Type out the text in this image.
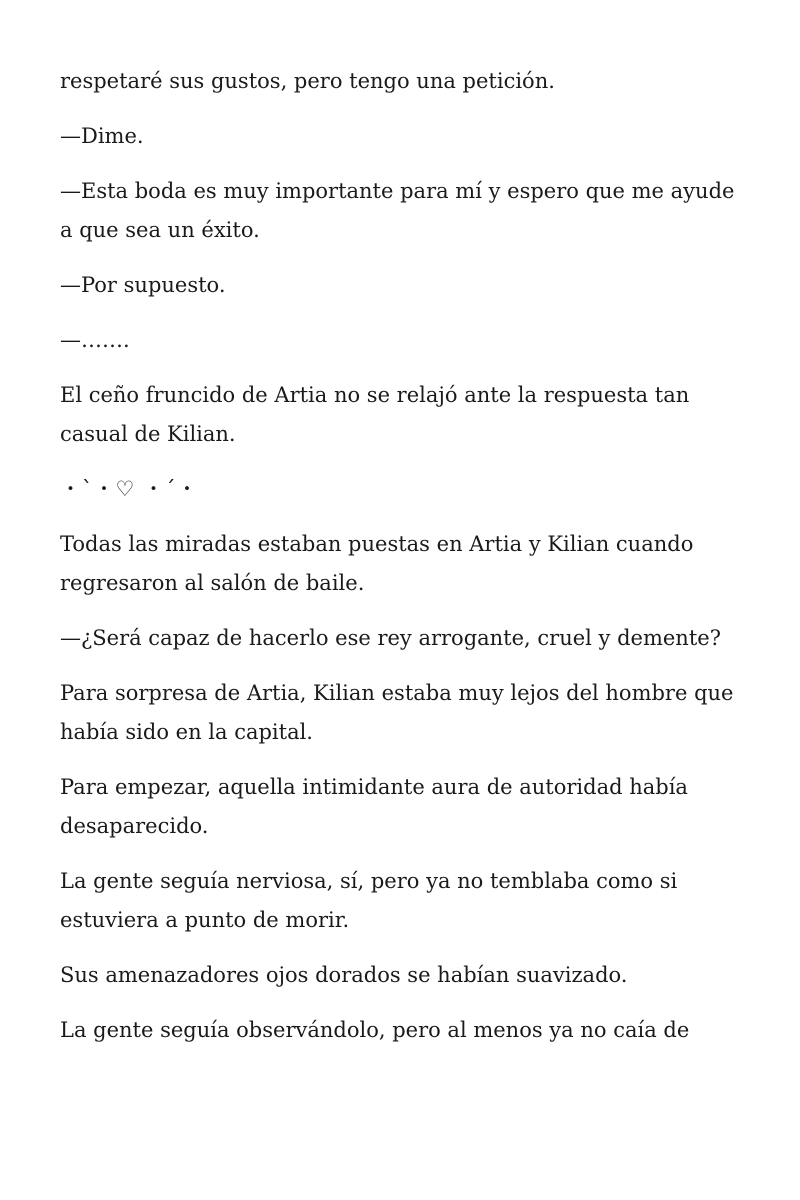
respetaré sus gustos, pero tengo una petición.

—Dime.

—Esta boda es muy importante para mí y espero que me ayude a que sea un éxito.

—Por supuesto.

—…….

El ceño fruncido de Artia no se relajó ante la respuesta tan casual de Kilian.

・`・♡ ・´・

Todas las miradas estaban puestas en Artia y Kilian cuando regresaron al salón de baile.

—¿Será capaz de hacerlo ese rey arrogante, cruel y demente?

Para sorpresa de Artia, Kilian estaba muy lejos del hombre que había sido en la capital.

Para empezar, aquella intimidante aura de autoridad había desaparecido.

La gente seguía nerviosa, sí, pero ya no temblaba como si estuviera a punto de morir.

Sus amenazadores ojos dorados se habían suavizado.

La gente seguía observándolo, pero al menos ya no caía de
